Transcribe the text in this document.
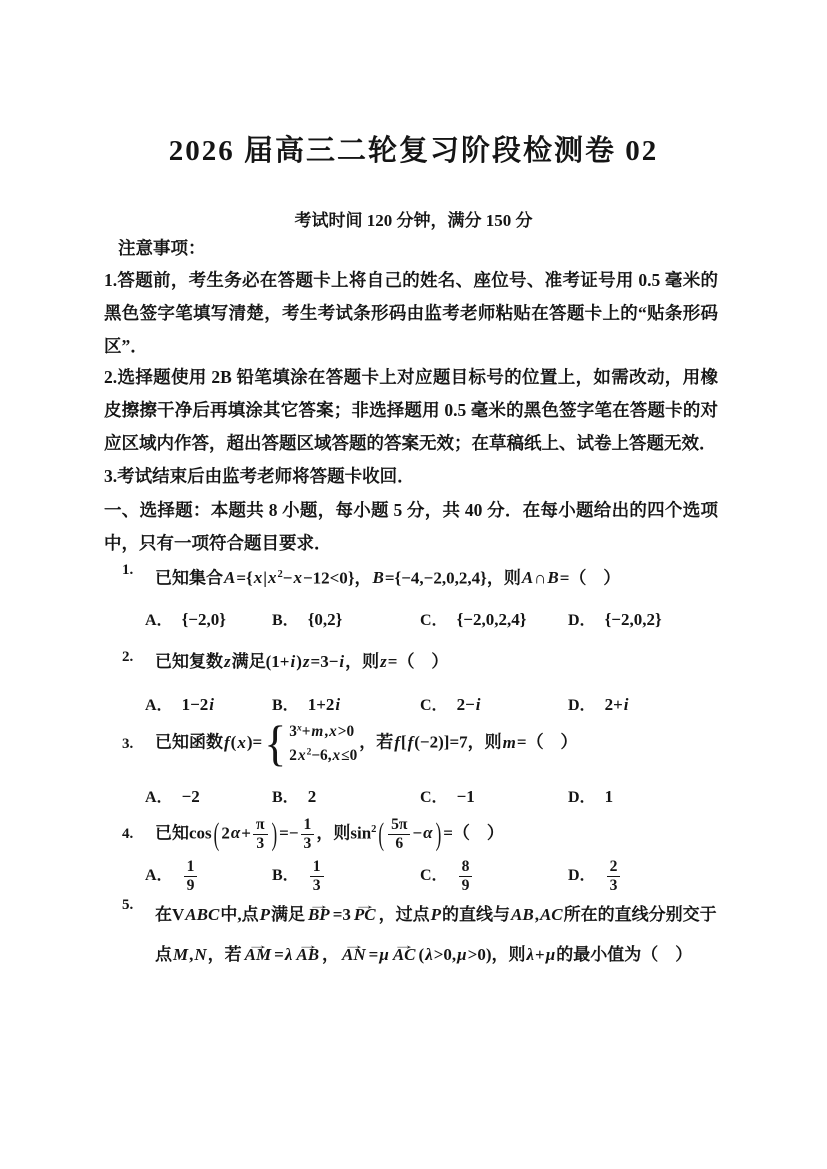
2026 届高三二轮复习阶段检测卷 02
考试时间 120 分钟，满分 150 分
注意事项：

1.答题前，考生务必在答题卡上将自己的姓名、座位号、准考证号用 0.5 毫米的黑色签字笔填写清楚，考生考试条形码由监考老师粘贴在答题卡上的“贴条形码区”．

2.选择题使用 2B 铅笔填涂在答题卡上对应题目标号的位置上，如需改动，用橡皮擦擦干净后再填涂其它答案；非选择题用 0.5 毫米的黑色签字笔在答题卡的对应区域内作答，超出答题区域答题的答案无效；在草稿纸上、试卷上答题无效．

3.考试结束后由监考老师将答题卡收回．

一、选择题：本题共 8 小题，每小题 5 分，共 40 分．在每小题给出的四个选项中，只有一项符合题目要求．

1.	已知集合$A=\{x|x^2-x-12<0\}$，B={−4,−2,0,2,4}，则A∩B=（　）
A． {−2,0}	B． {0,2}	C． {−2,0,2,4}	D． {−2,0,2}
2.	已知复数z满足(1+i)z=3−i，则z=（　）
A． 1−2i	B． 1+2i	C． 2−i	D． 2+i
3.	已知函数f(x)= { $3^x+m,x>0$
$2x^2-6,x\le 0$
，若f[f(−2)]=7，则m=（　）
A． −2	B． 2	C． −1	D． 1
4.	已知cos ( $2\alpha+ \frac{\pi}{3}$ ) =− $\frac{1}{3}$ ，则$\sin^2$ ( $\frac{5\pi}{6} -\alpha$ ) =（　）
A． $\frac{1}{9}$	B． $\frac{1}{3}$	C． $\frac{8}{9}$	D． $\frac{2}{3}$
5.	在VABC中,点P满足 BP → =3 PC → ，过点P的直线与AB,AC所在的直线分别交于点M,N，若 AM → =λ AB → ， AN → =μ AC → (λ>0,μ>0)，则λ+μ的最小值为（　）
